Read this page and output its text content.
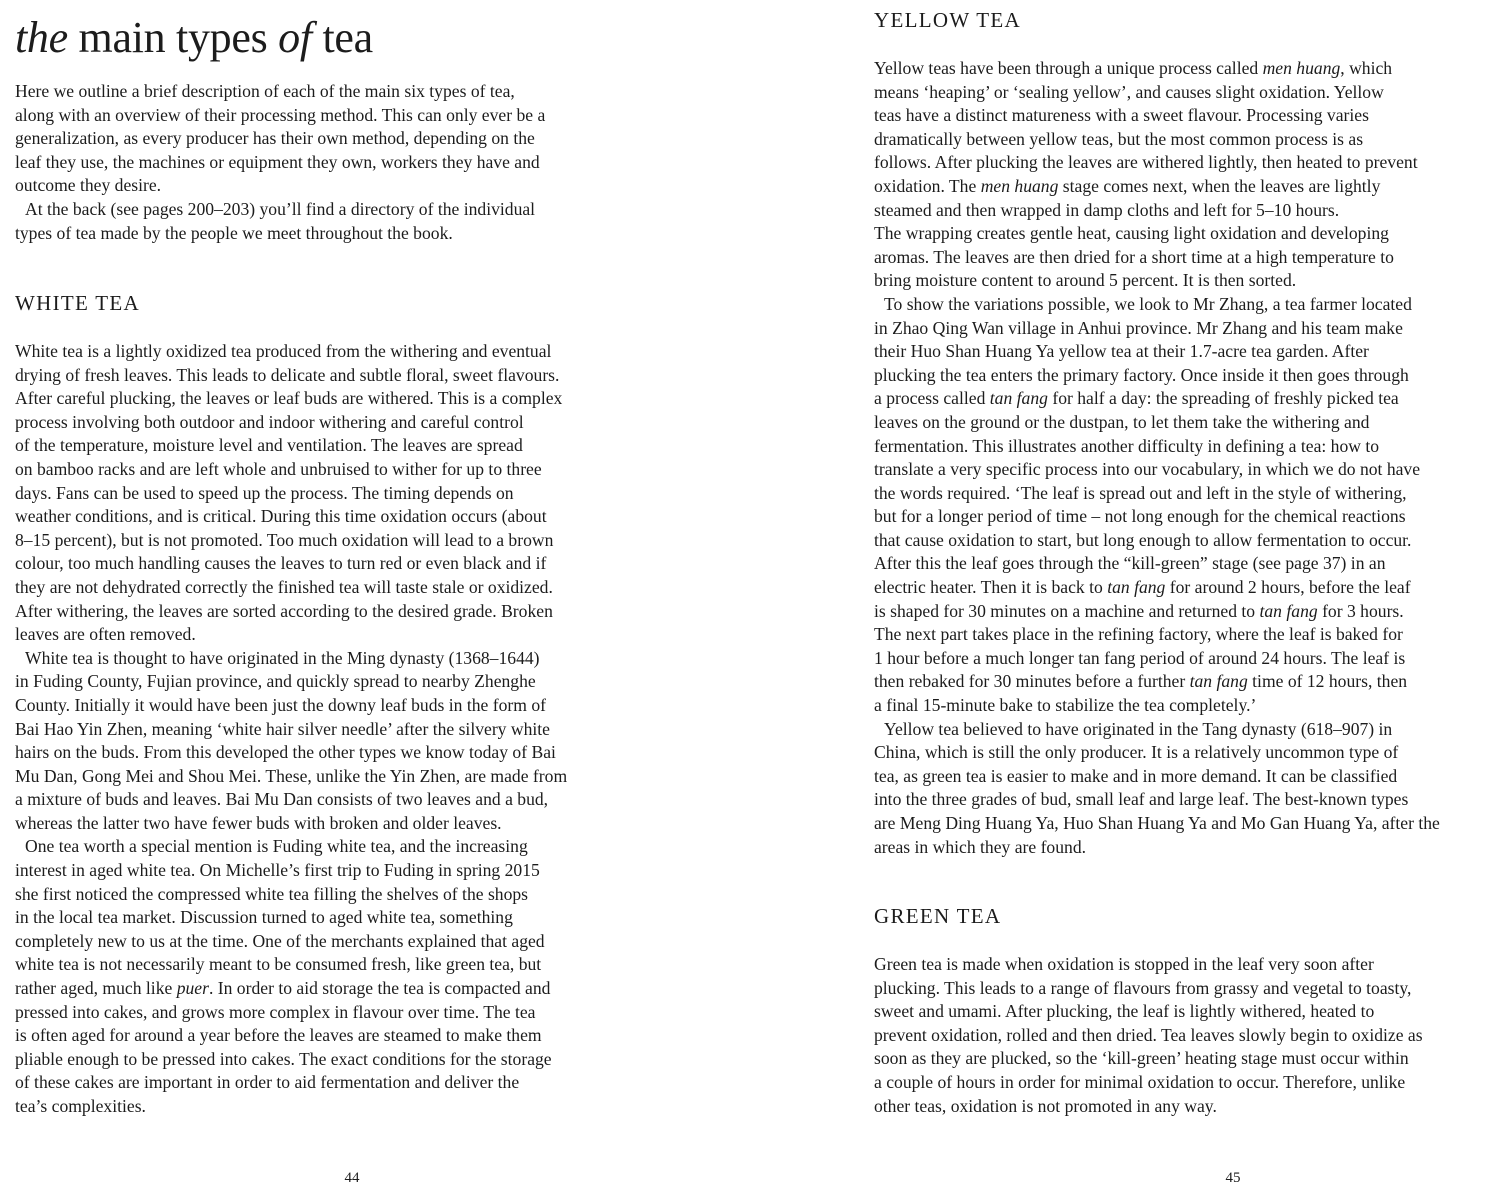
the main types of tea
Here we outline a brief description of each of the main six types of tea,
along with an overview of their processing method. This can only ever be a
generalization, as every producer has their own method, depending on the
leaf they use, the machines or equipment they own, workers they have and
outcome they desire.
At the back (see pages 200–203) you’ll find a directory of the individual
types of tea made by the people we meet throughout the book.
WHITE TEA
White tea is a lightly oxidized tea produced from the withering and eventual
drying of fresh leaves. This leads to delicate and subtle floral, sweet flavours.
After careful plucking, the leaves or leaf buds are withered. This is a complex
process involving both outdoor and indoor withering and careful control
of the temperature, moisture level and ventilation. The leaves are spread
on bamboo racks and are left whole and unbruised to wither for up to three
days. Fans can be used to speed up the process. The timing depends on
weather conditions, and is critical. During this time oxidation occurs (about
8–15 percent), but is not promoted. Too much oxidation will lead to a brown
colour, too much handling causes the leaves to turn red or even black and if
they are not dehydrated correctly the finished tea will taste stale or oxidized.
After withering, the leaves are sorted according to the desired grade. Broken
leaves are often removed.
White tea is thought to have originated in the Ming dynasty (1368–1644)
in Fuding County, Fujian province, and quickly spread to nearby Zhenghe
County. Initially it would have been just the downy leaf buds in the form of
Bai Hao Yin Zhen, meaning ‘white hair silver needle’ after the silvery white
hairs on the buds. From this developed the other types we know today of Bai
Mu Dan, Gong Mei and Shou Mei. These, unlike the Yin Zhen, are made from
a mixture of buds and leaves. Bai Mu Dan consists of two leaves and a bud,
whereas the latter two have fewer buds with broken and older leaves.
One tea worth a special mention is Fuding white tea, and the increasing
interest in aged white tea. On Michelle’s first trip to Fuding in spring 2015
she first noticed the compressed white tea filling the shelves of the shops
in the local tea market. Discussion turned to aged white tea, something
completely new to us at the time. One of the merchants explained that aged
white tea is not necessarily meant to be consumed fresh, like green tea, but
rather aged, much like puer. In order to aid storage the tea is compacted and
pressed into cakes, and grows more complex in flavour over time. The tea
is often aged for around a year before the leaves are steamed to make them
pliable enough to be pressed into cakes. The exact conditions for the storage
of these cakes are important in order to aid fermentation and deliver the
tea’s complexities.
44
YELLOW TEA
Yellow teas have been through a unique process called men huang, which
means ‘heaping’ or ‘sealing yellow’, and causes slight oxidation. Yellow
teas have a distinct matureness with a sweet flavour. Processing varies
dramatically between yellow teas, but the most common process is as
follows. After plucking the leaves are withered lightly, then heated to prevent
oxidation. The men huang stage comes next, when the leaves are lightly
steamed and then wrapped in damp cloths and left for 5–10 hours.
The wrapping creates gentle heat, causing light oxidation and developing
aromas. The leaves are then dried for a short time at a high temperature to
bring moisture content to around 5 percent. It is then sorted.
To show the variations possible, we look to Mr Zhang, a tea farmer located
in Zhao Qing Wan village in Anhui province. Mr Zhang and his team make
their Huo Shan Huang Ya yellow tea at their 1.7-acre tea garden. After
plucking the tea enters the primary factory. Once inside it then goes through
a process called tan fang for half a day: the spreading of freshly picked tea
leaves on the ground or the dustpan, to let them take the withering and
fermentation. This illustrates another difficulty in defining a tea: how to
translate a very specific process into our vocabulary, in which we do not have
the words required. ‘The leaf is spread out and left in the style of withering,
but for a longer period of time – not long enough for the chemical reactions
that cause oxidation to start, but long enough to allow fermentation to occur.
After this the leaf goes through the “kill-green” stage (see page 37) in an
electric heater. Then it is back to tan fang for around 2 hours, before the leaf
is shaped for 30 minutes on a machine and returned to tan fang for 3 hours.
The next part takes place in the refining factory, where the leaf is baked for
1 hour before a much longer tan fang period of around 24 hours. The leaf is
then rebaked for 30 minutes before a further tan fang time of 12 hours, then
a final 15-minute bake to stabilize the tea completely.’
Yellow tea believed to have originated in the Tang dynasty (618–907) in
China, which is still the only producer. It is a relatively uncommon type of
tea, as green tea is easier to make and in more demand. It can be classified
into the three grades of bud, small leaf and large leaf. The best-known types
are Meng Ding Huang Ya, Huo Shan Huang Ya and Mo Gan Huang Ya, after the
areas in which they are found.
GREEN TEA
Green tea is made when oxidation is stopped in the leaf very soon after
plucking. This leads to a range of flavours from grassy and vegetal to toasty,
sweet and umami. After plucking, the leaf is lightly withered, heated to
prevent oxidation, rolled and then dried. Tea leaves slowly begin to oxidize as
soon as they are plucked, so the ‘kill-green’ heating stage must occur within
a couple of hours in order for minimal oxidation to occur. Therefore, unlike
other teas, oxidation is not promoted in any way.
45
